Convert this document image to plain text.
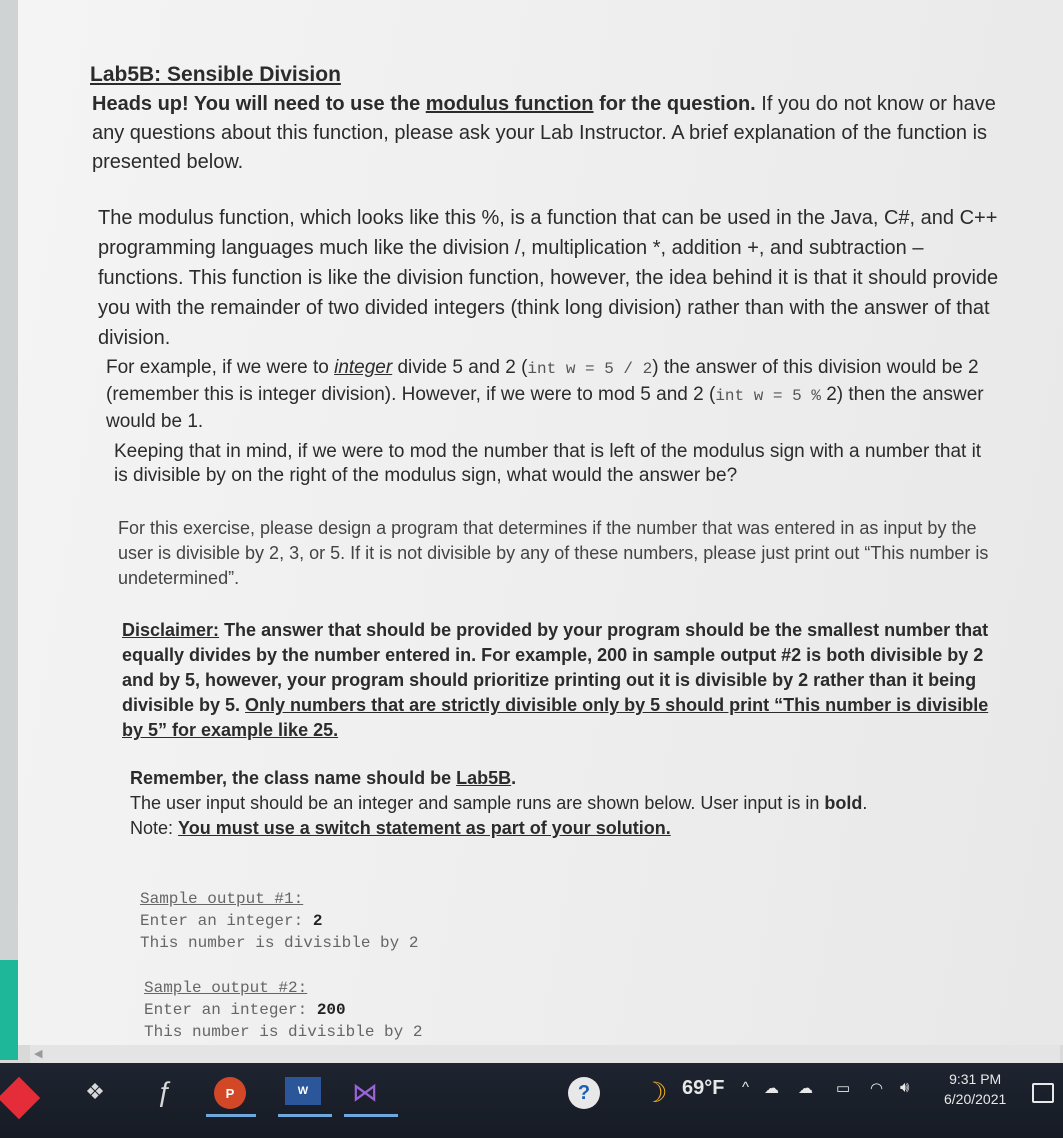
Lab5B: Sensible Division

Heads up! You will need to use the modulus function for the question. If you do not know or have any questions about this function, please ask your Lab Instructor. A brief explanation of the function is presented below.

The modulus function, which looks like this %, is a function that can be used in the Java, C#, and C++ programming languages much like the division /, multiplication *, addition +, and subtraction – functions. This function is like the division function, however, the idea behind it is that it should provide you with the remainder of two divided integers (think long division) rather than with the answer of that division.

For example, if we were to integer divide 5 and 2 (int w = 5 / 2) the answer of this division would be 2 (remember this is integer division). However, if we were to mod 5 and 2 (int w = 5 % 2) then the answer would be 1.

Keeping that in mind, if we were to mod the number that is left of the modulus sign with a number that it is divisible by on the right of the modulus sign, what would the answer be?

For this exercise, please design a program that determines if the number that was entered in as input by the user is divisible by 2, 3, or 5. If it is not divisible by any of these numbers, please just print out “This number is undetermined”.

Disclaimer: The answer that should be provided by your program should be the smallest number that equally divides by the number entered in. For example, 200 in sample output #2 is both divisible by 2 and by 5, however, your program should prioritize printing out it is divisible by 2 rather than it being divisible by 5. Only numbers that are strictly divisible only by 5 should print “This number is divisible by 5” for example like 25.

Remember, the class name should be Lab5B.
The user input should be an integer and sample runs are shown below. User input is in bold.
Note: You must use a switch statement as part of your solution.

Sample output #1:
Enter an integer: 2
This number is divisible by 2
Sample output #2:
Enter an integer: 200
This number is divisible by 2
◀
❖	ƒ	P	W	⋈	?	☽ 69°F ^ ☁ ☁ ▭ ◠ 🔊︎	9:31 PM
6/20/2021
